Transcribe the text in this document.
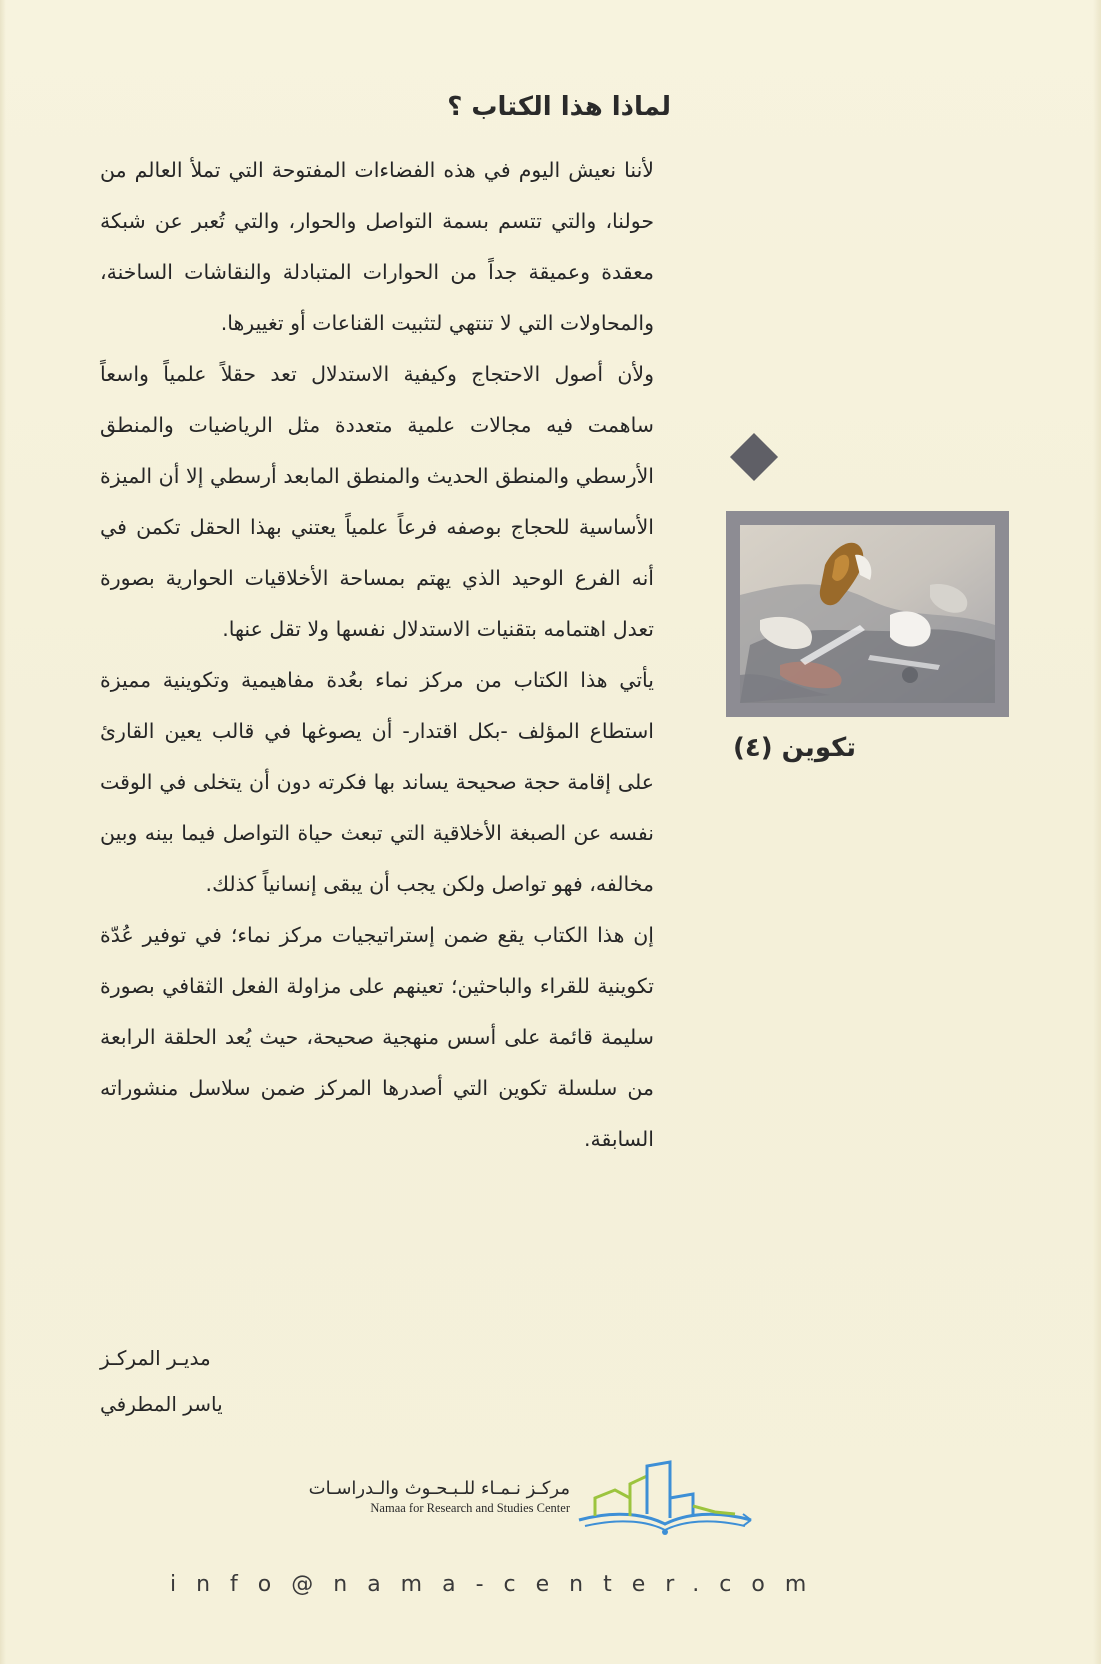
لماذا هذا الكتاب ؟

لأننا نعيش اليوم في هذه الفضاءات المفتوحة التي تملأ العالم من حولنا، والتي تتسم بسمة التواصل والحوار، والتي تُعبر عن شبكة معقدة وعميقة جداً من الحوارات المتبادلة والنقاشات الساخنة، والمحاولات التي لا تنتهي لتثبيت القناعات أو تغييرها.

ولأن أصول الاحتجاج وكيفية الاستدلال تعد حقلاً علمياً واسعاً ساهمت فيه مجالات علمية متعددة مثل الرياضيات والمنطق الأرسطي والمنطق الحديث والمنطق المابعد أرسطي إلا أن الميزة الأساسية للحجاج بوصفه فرعاً علمياً يعتني بهذا الحقل تكمن في أنه الفرع الوحيد الذي يهتم بمساحة الأخلاقيات الحوارية بصورة تعدل اهتمامه بتقنيات الاستدلال نفسها ولا تقل عنها.

يأتي هذا الكتاب من مركز نماء بعُدة مفاهيمية وتكوينية مميزة استطاع المؤلف -بكل اقتدار- أن يصوغها في قالب يعين القارئ على إقامة حجة صحيحة يساند بها فكرته دون أن يتخلى في الوقت نفسه عن الصبغة الأخلاقية التي تبعث حياة التواصل فيما بينه وبين مخالفه، فهو تواصل ولكن يجب أن يبقى إنسانياً كذلك.

إن هذا الكتاب يقع ضمن إستراتيجيات مركز نماء؛ في توفير عُدّة تكوينية للقراء والباحثين؛ تعينهم على مزاولة الفعل الثقافي بصورة سليمة قائمة على أسس منهجية صحيحة، حيث يُعد الحلقة الرابعة من سلسلة تكوين التي أصدرها المركز ضمن سلاسل منشوراته السابقة.

تكوين (٤)
مديـر المركـز
ياسر المطرفي
مركـز نـمـاء للـبـحـوث والـدراسـات
Namaa for Research and Studies Center
info@nama-center.com
